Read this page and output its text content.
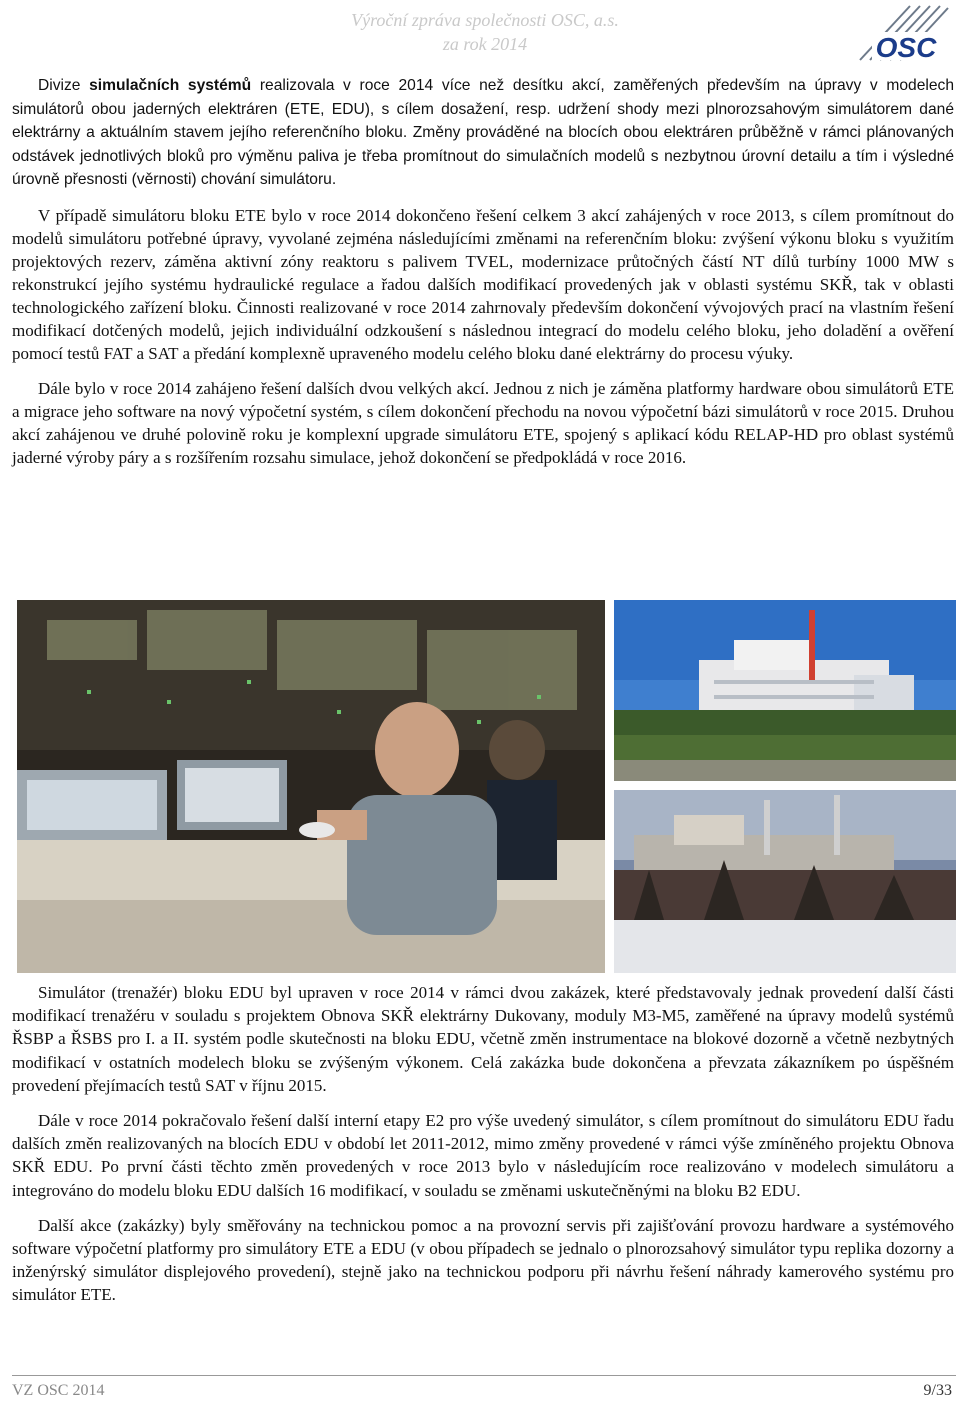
Výroční zpráva společnosti OSC, a.s.
za rok 2014	OSC

Divize simulačních systémů realizovala v roce 2014 více než desítku akcí, zaměřených především na úpravy v modelech simulátorů obou jaderných elektráren (ETE, EDU), s cílem dosažení, resp. udržení shody mezi plnorozsahovým simulátorem dané elektrárny a aktuálním stavem jejího referenčního bloku. Změny prováděné na blocích obou elektráren průběžně v rámci plánovaných odstávek jednotlivých bloků pro výměnu paliva je třeba promítnout do simulačních modelů s nezbytnou úrovní detailu a tím i výsledné úrovně přesnosti (věrnosti) chování simulátoru.

V případě simulátoru bloku ETE bylo v roce 2014 dokončeno řešení celkem 3 akcí zahájených v roce 2013, s cílem promítnout do modelů simulátoru potřebné úpravy, vyvolané zejména následujícími změnami na referenčním bloku: zvýšení výkonu bloku s využitím projektových rezerv, záměna aktivní zóny reaktoru s palivem TVEL, modernizace průtočných částí NT dílů turbíny 1000 MW s rekonstrukcí jejího systému hydraulické regulace a řadou dalších modifikací provedených jak v oblasti systému SKŘ, tak v oblasti technologického zařízení bloku. Činnosti realizované v roce 2014 zahrnovaly především dokončení vývojových prací na vlastním řešení modifikací dotčených modelů, jejich individuální odzkoušení s následnou integrací do modelu celého bloku, jeho doladění a ověření pomocí testů FAT a SAT a předání komplexně upraveného modelu celého bloku dané elektrárny do procesu výuky.

Dále bylo v roce 2014 zahájeno řešení dalších dvou velkých akcí. Jednou z nich je záměna platformy hardware obou simulátorů ETE a migrace jeho software na nový výpočetní systém, s cílem dokončení přechodu na novou výpočetní bázi simulátorů v roce 2015. Druhou akcí zahájenou ve druhé polovině roku je komplexní upgrade simulátoru ETE, spojený s aplikací kódu RELAP-HD pro oblast systémů jaderné výroby páry a s rozšířením rozsahu simulace, jehož dokončení se předpokládá v roce 2016.

Simulátor (trenažér) bloku EDU byl upraven v roce 2014 v rámci dvou zakázek, které představovaly jednak provedení další části modifikací trenažéru v souladu s projektem Obnova SKŘ elektrárny Dukovany, moduly M3-M5, zaměřené na úpravy modelů systémů ŘSBP a ŘSBS pro I. a II. systém podle skutečnosti na bloku EDU, včetně změn instrumentace na blokové dozorně a včetně nezbytných modifikací v ostatních modelech bloku se zvýšeným výkonem. Celá zakázka bude dokončena a převzata zákazníkem po úspěšném provedení přejímacích testů SAT v říjnu 2015.

Dále v roce 2014 pokračovalo řešení další interní etapy E2 pro výše uvedený simulátor, s cílem promítnout do simulátoru EDU řadu dalších změn realizovaných na blocích EDU v období let 2011-2012, mimo změny provedené v rámci výše zmíněného projektu Obnova SKŘ EDU. Po první části těchto změn provedených v roce 2013 bylo v následujícím roce realizováno v modelech simulátoru a integrováno do modelu bloku EDU dalších 16 modifikací, v souladu se změnami uskutečněnými na bloku B2 EDU.

Další akce (zakázky) byly směřovány na technickou pomoc a na provozní servis při zajišťování provozu hardware a systémového software výpočetní platformy pro simulátory ETE a EDU (v obou případech se jednalo o plnorozsahový simulátor typu replika dozorny a inženýrský simulátor displejového provedení), stejně jako na technickou podporu při návrhu řešení náhrady kamerového systému pro simulátor ETE.

VZ OSC 2014	9/33
